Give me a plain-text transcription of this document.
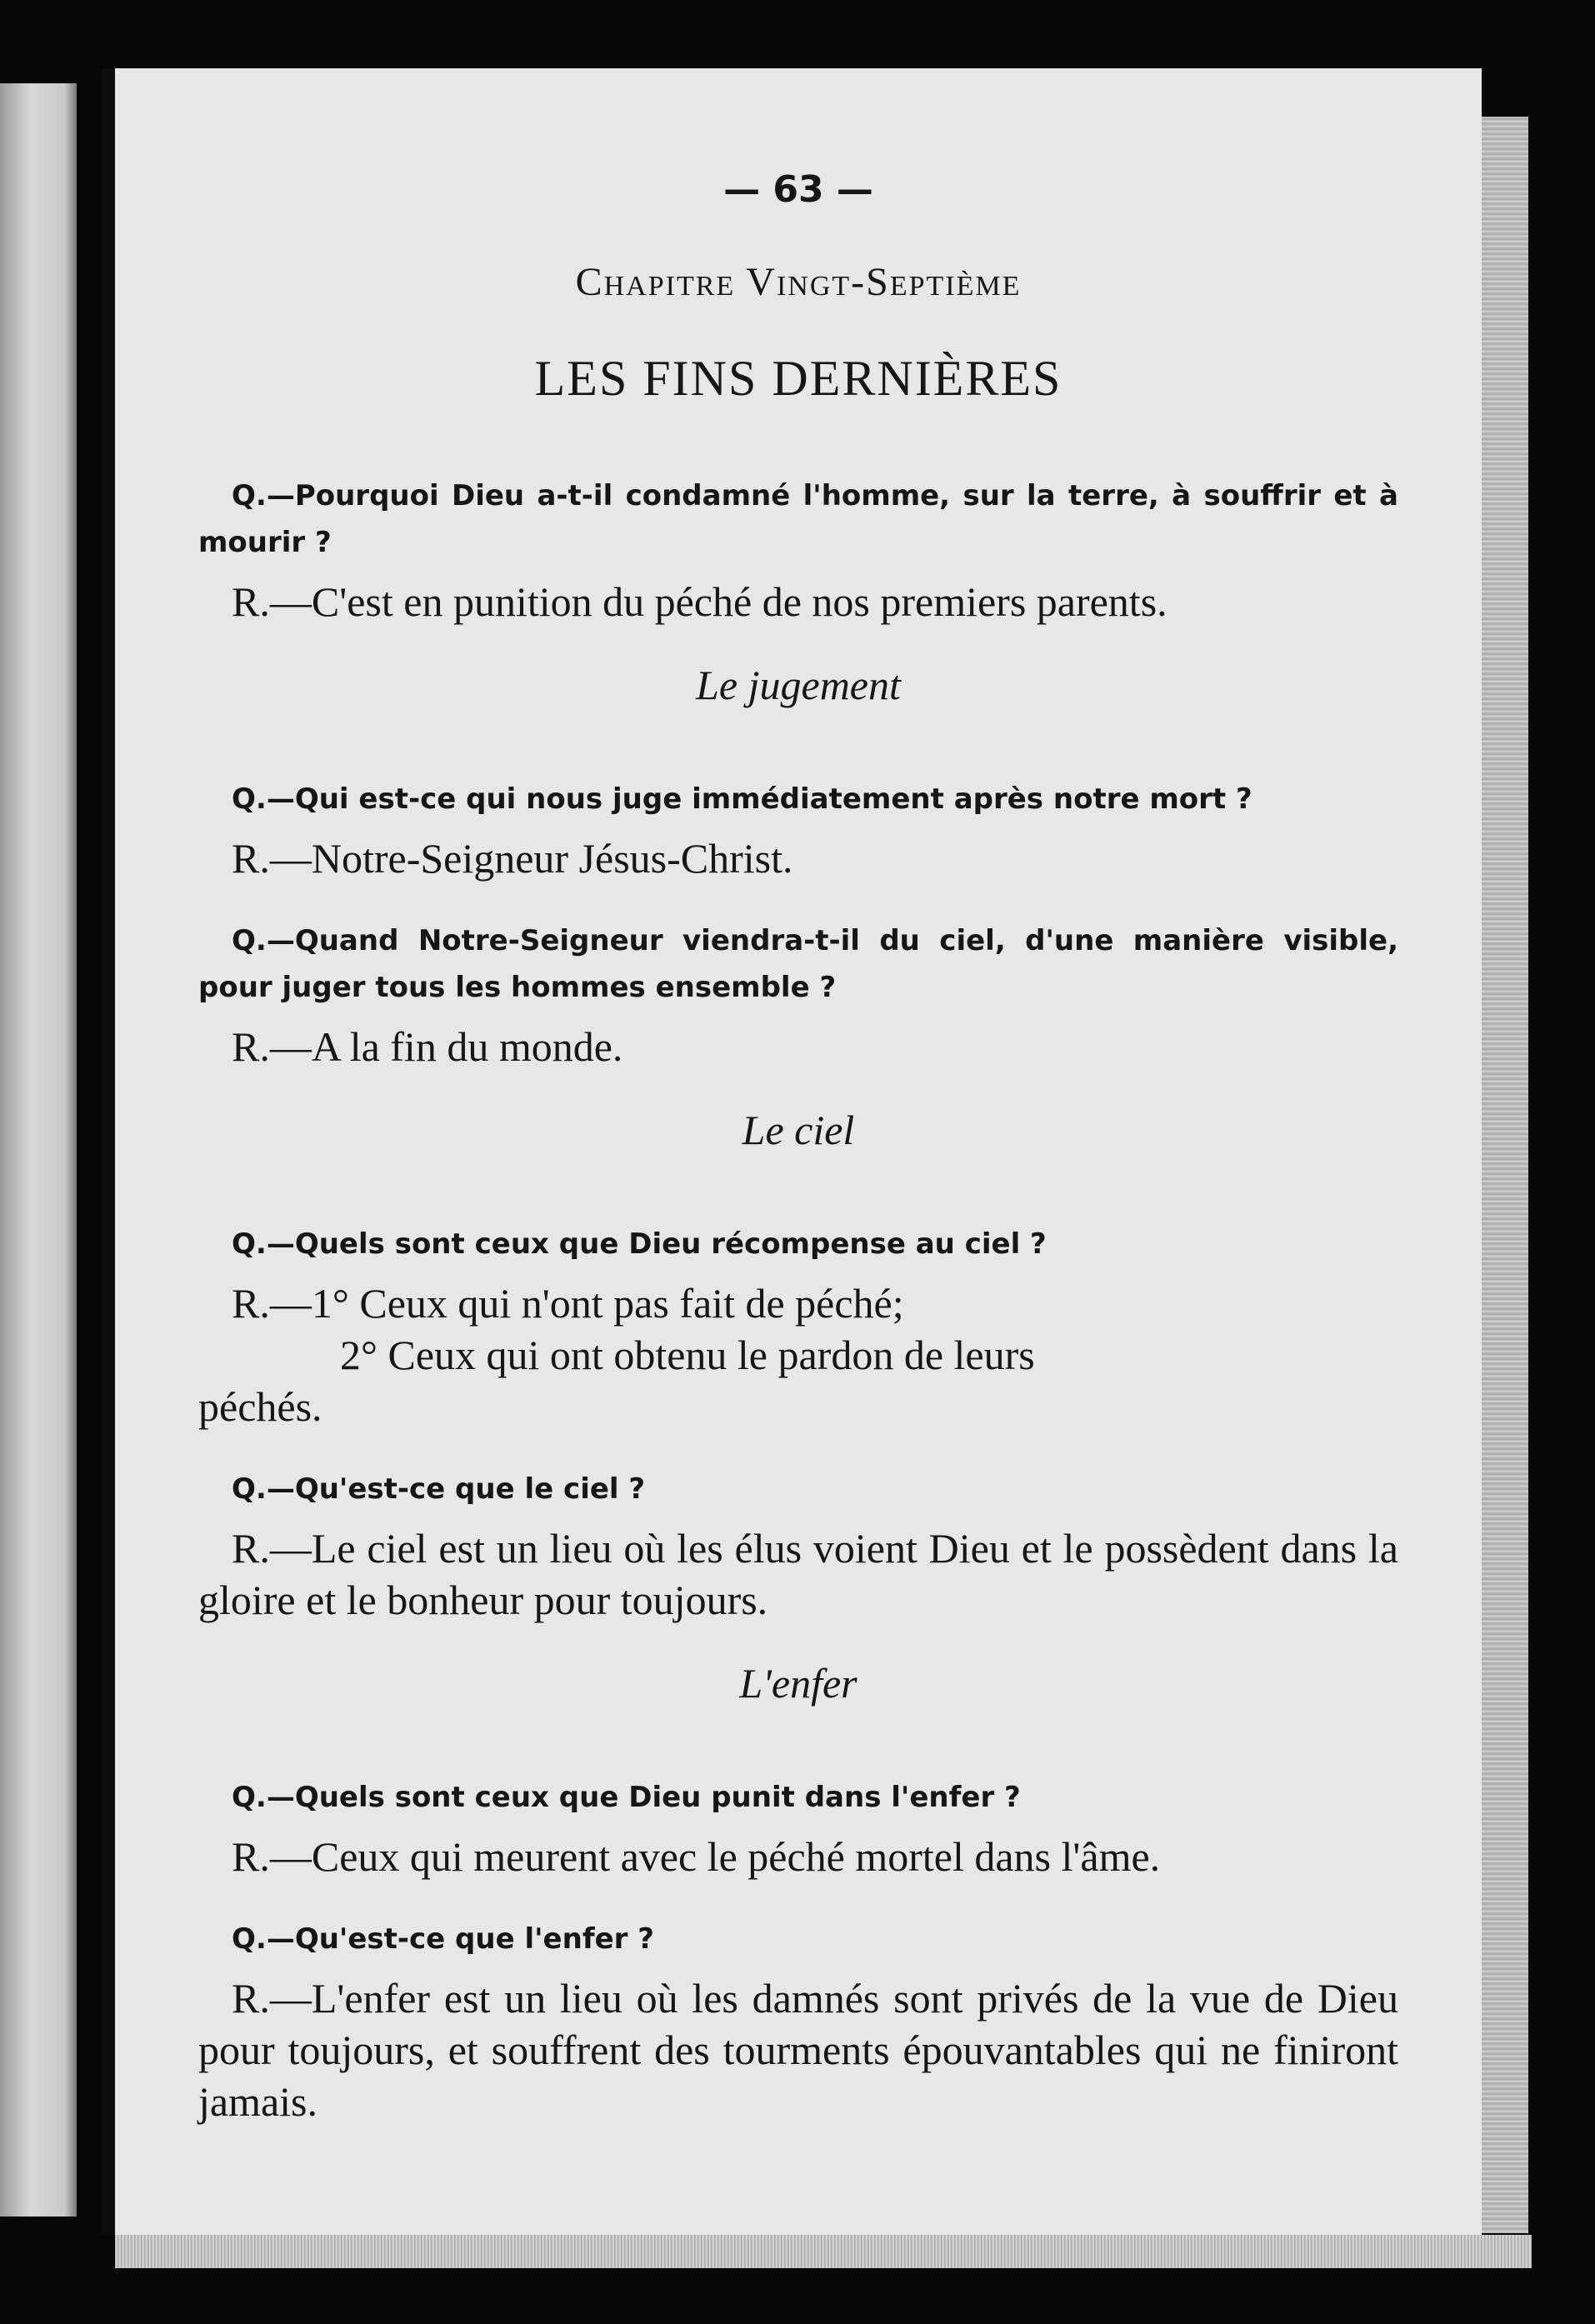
— 63 —
Chapitre Vingt-Septième
LES FINS DERNIÈRES

Q.—Pourquoi Dieu a-t-il condamné l'homme, sur la terre, à souffrir et à mourir ?

R.—C'est en punition du péché de nos premiers parents.

Le jugement

Q.—Qui est-ce qui nous juge immédiatement après notre mort ?

R.—Notre-Seigneur Jésus-Christ.

Q.—Quand Notre-Seigneur viendra-t-il du ciel, d'une manière visible, pour juger tous les hommes ensemble ?

R.—A la fin du monde.

Le ciel

Q.—Quels sont ceux que Dieu récompense au ciel ?

R.—1° Ceux qui n'ont pas fait de péché;
2° Ceux qui ont obtenu le pardon de leurs
péchés.

Q.—Qu'est-ce que le ciel ?

R.—Le ciel est un lieu où les élus voient Dieu et le possèdent dans la gloire et le bonheur pour toujours.

L'enfer

Q.—Quels sont ceux que Dieu punit dans l'enfer ?

R.—Ceux qui meurent avec le péché mortel dans l'âme.

Q.—Qu'est-ce que l'enfer ?

R.—L'enfer est un lieu où les damnés sont privés de la vue de Dieu pour toujours, et souffrent des tourments épouvantables qui ne finiront jamais.
